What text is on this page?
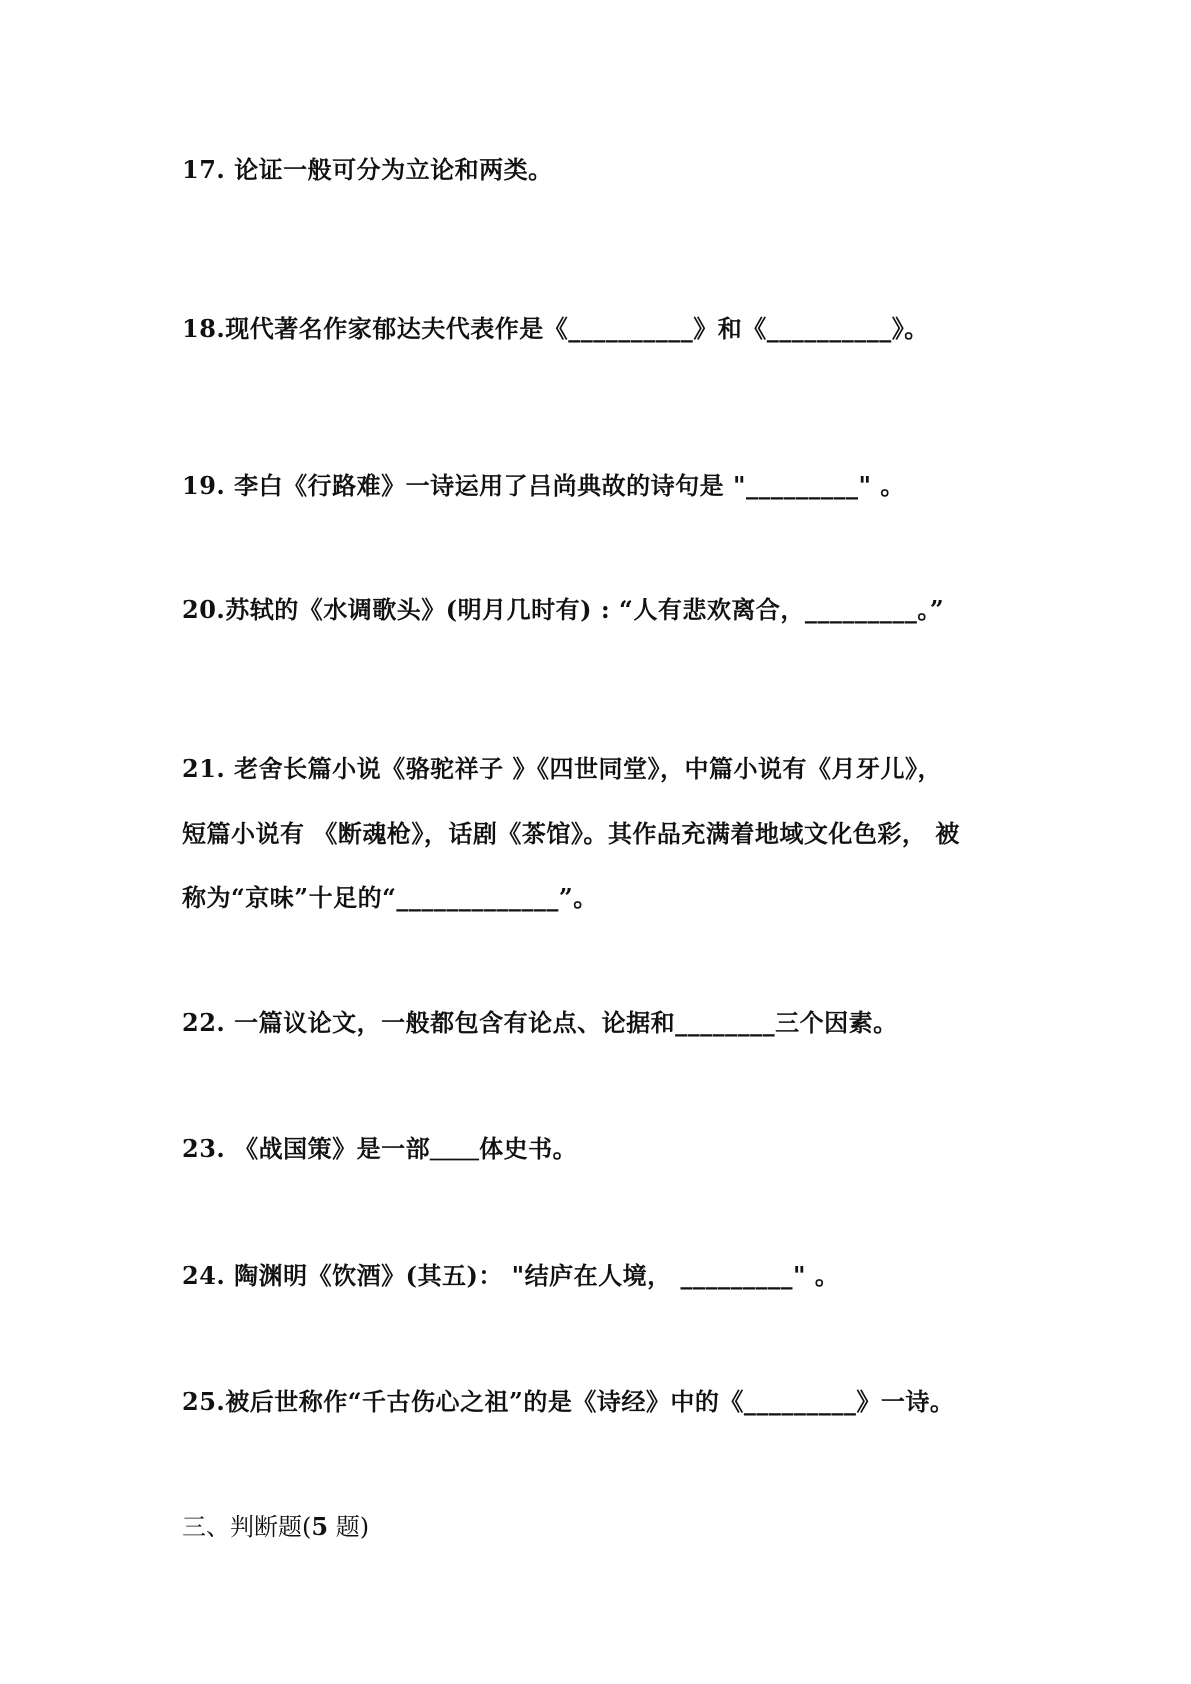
17. 论证一般可分为立论和两类。
18.现代著名作家郁达夫代表作是《__________》和《__________》。
19. 李白《行路难》一诗运用了吕尚典故的诗句是 "_________" 。
20.苏轼的《水调歌头》(明月几时有) : “人有悲欢离合，_________。”
21. 老舍长篇小说《骆驼祥子 》《四世同堂》，中篇小说有《月牙儿》，
短篇小说有 《断魂枪》，话剧《茶馆》。其作品充满着地域文化色彩， 被
称为“京味”十足的“_____________”。
22. 一篇议论文，一般都包含有论点、论据和________三个因素。
23. 《战国策》是一部＿＿体史书。
24. 陶渊明《饮酒》(其五)： "结庐在人境， _________" 。
25.被后世称作“千古伤心之祖”的是《诗经》中的《_________》一诗。
三、判断题(5 题)
